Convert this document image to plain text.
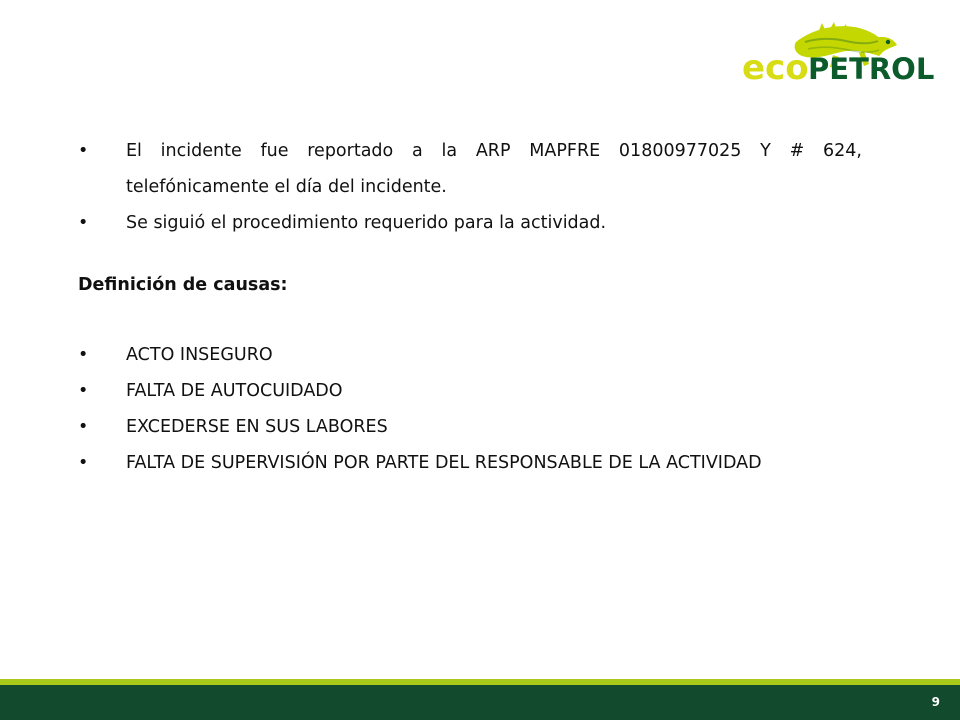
eco PETROL
• El incidente fue reportado a la ARP MAPFRE 01800977025 Y # 624, telefónicamente el día del incidente.
• Se siguió el procedimiento requerido para la actividad.
Definición de causas:
• ACTO INSEGURO
• FALTA DE AUTOCUIDADO
• EXCEDERSE EN SUS LABORES
• FALTA DE SUPERVISIÓN POR PARTE DEL RESPONSABLE DE LA ACTIVIDAD
9
